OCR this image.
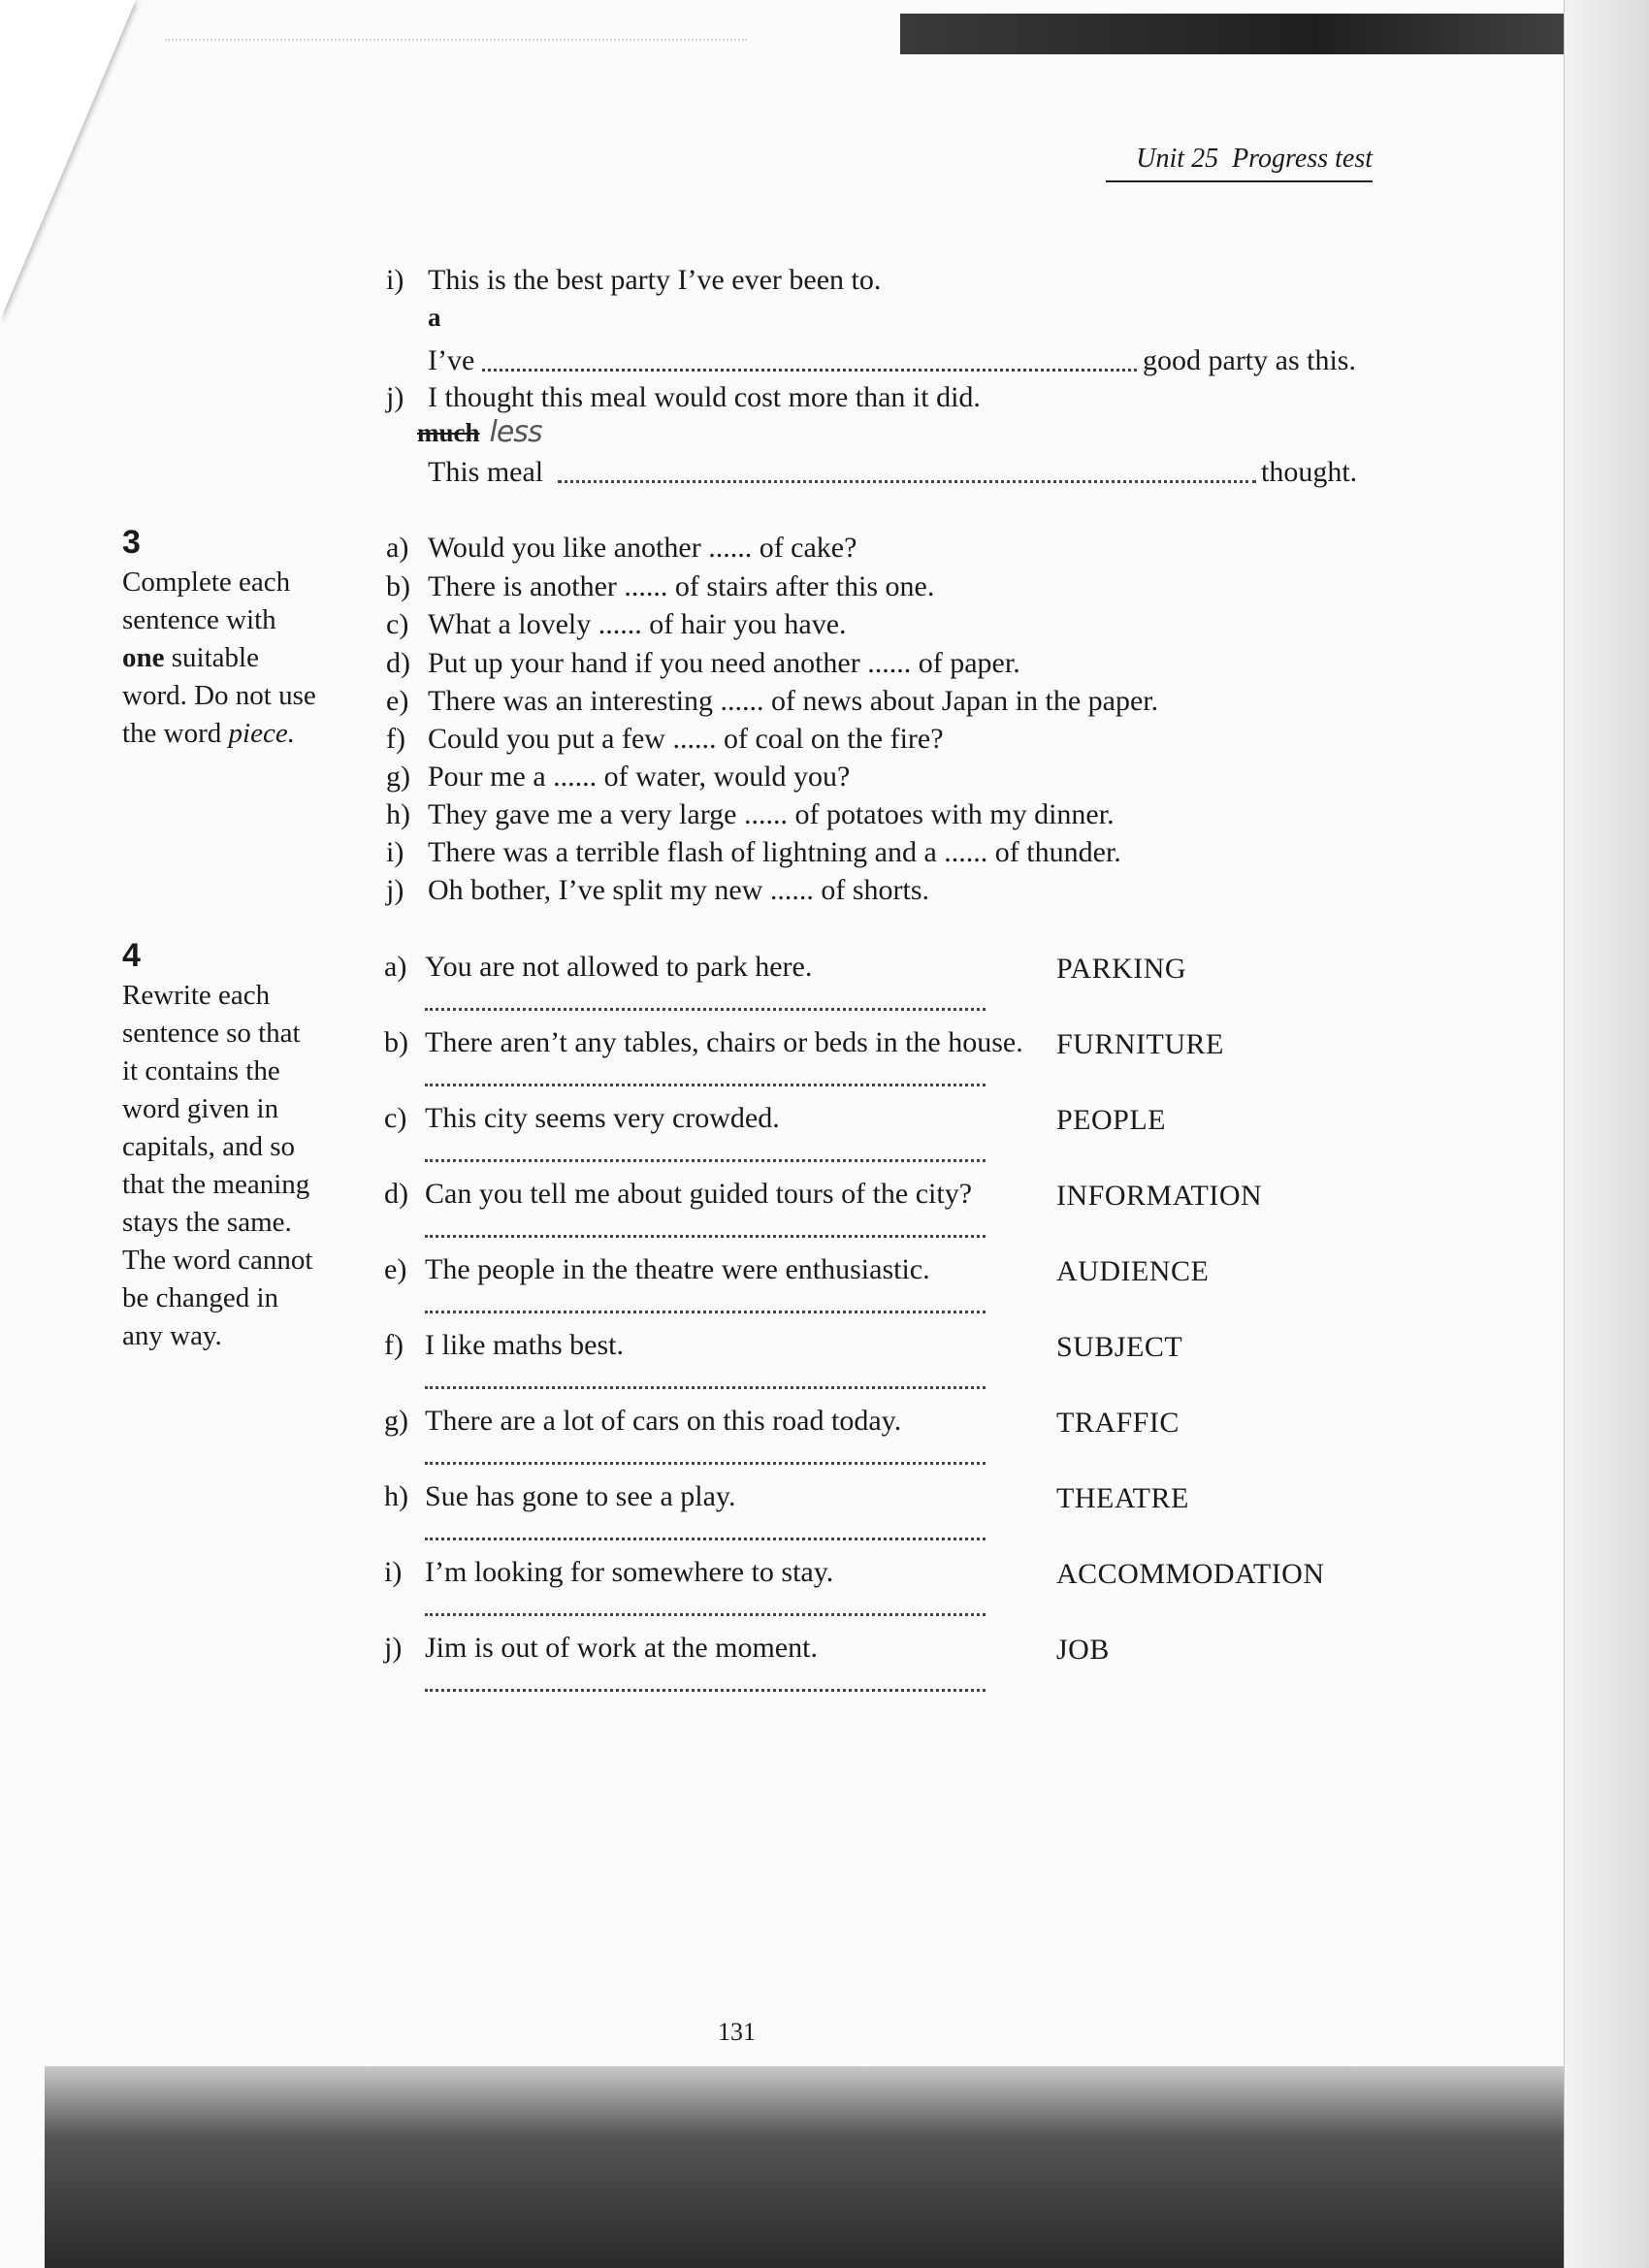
Unit 25 Progress test
i) This is the best party I’ve ever been to.
a
I’ve	good party as this.
j) I thought this meal would cost more than it did.
much less
This meal	thought.
3
Complete each
sentence with
one suitable
word. Do not use
the word piece.
a) Would you like another ...... of cake?
b) There is another ...... of stairs after this one.
c) What a lovely ...... of hair you have.
d) Put up your hand if you need another ...... of paper.
e) There was an interesting ...... of news about Japan in the paper.
f) Could you put a few ...... of coal on the fire?
g) Pour me a ...... of water, would you?
h) They gave me a very large ...... of potatoes with my dinner.
i) There was a terrible flash of lightning and a ...... of thunder.
j) Oh bother, I’ve split my new ...... of shorts.
4
Rewrite each
sentence so that
it contains the
word given in
capitals, and so
that the meaning
stays the same.
The word cannot
be changed in
any way.
a) You are not allowed to park here.	PARKING
b) There aren’t any tables, chairs or beds in the house. FURNITURE
c) This city seems very crowded.	PEOPLE
d) Can you tell me about guided tours of the city?	INFORMATION
e) The people in the theatre were enthusiastic.	AUDIENCE
f) I like maths best.	SUBJECT
g) There are a lot of cars on this road today.	TRAFFIC
h) Sue has gone to see a play.	THEATRE
i) I’m looking for somewhere to stay.	ACCOMMODATION
j) Jim is out of work at the moment.	JOB
131
